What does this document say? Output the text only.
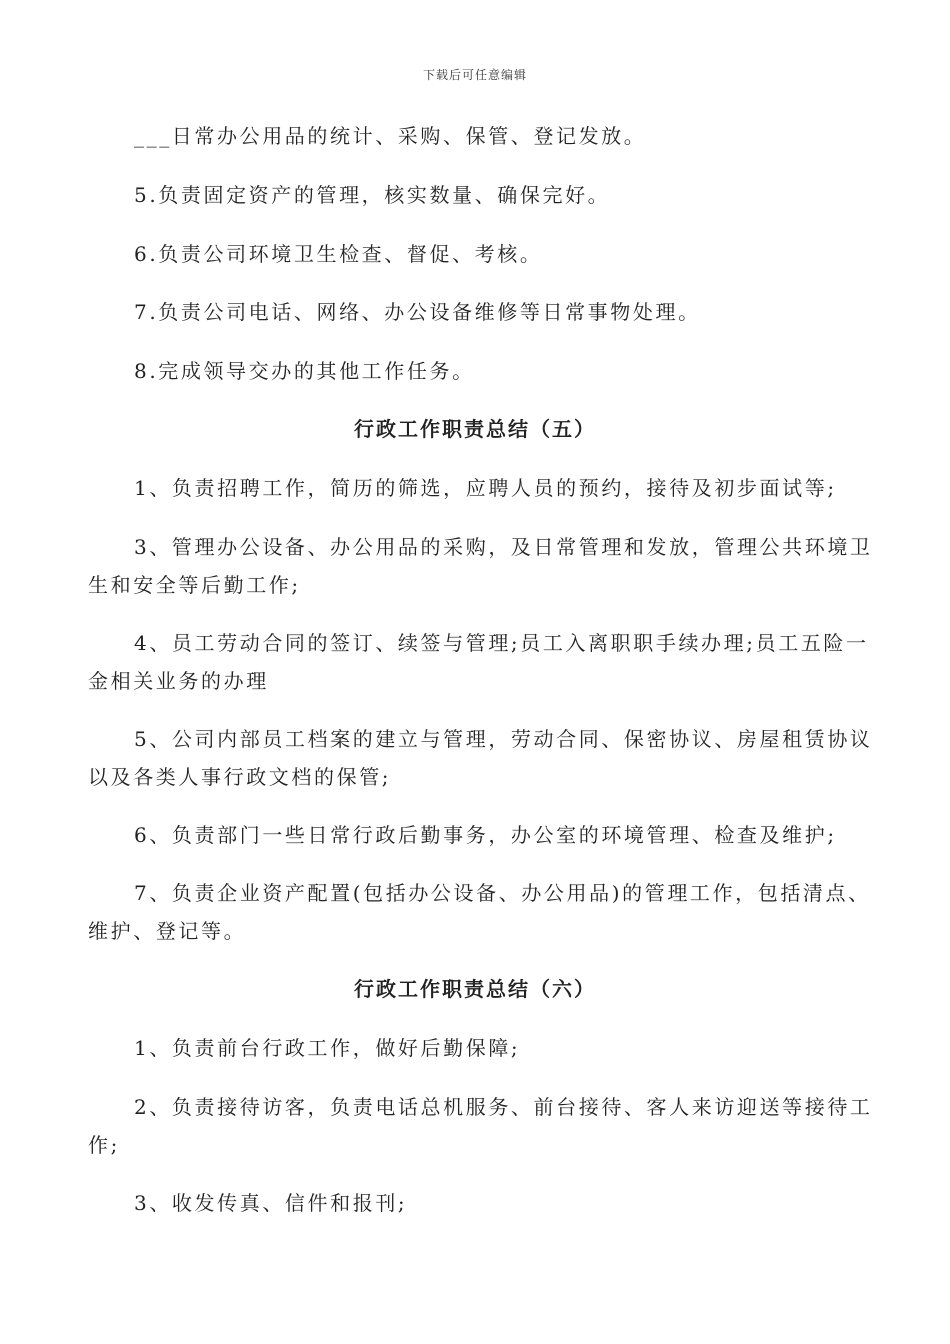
下载后可任意编辑
___日常办公用品的统计、采购、保管、登记发放。
5.负责固定资产的管理，核实数量、确保完好。
6.负责公司环境卫生检查、督促、考核。
7.负责公司电话、网络、办公设备维修等日常事物处理。
8.完成领导交办的其他工作任务。
行政工作职责总结（五）
1、负责招聘工作，简历的筛选，应聘人员的预约，接待及初步面试等;
3、管理办公设备、办公用品的采购，及日常管理和发放，管理公共环境卫
生和安全等后勤工作;
4、员工劳动合同的签订、续签与管理;员工入离职职手续办理;员工五险一
金相关业务的办理
5、公司内部员工档案的建立与管理，劳动合同、保密协议、房屋租赁协议
以及各类人事行政文档的保管;
6、负责部门一些日常行政后勤事务，办公室的环境管理、检查及维护;
7、负责企业资产配置(包括办公设备、办公用品)的管理工作，包括清点、
维护、登记等。
行政工作职责总结（六）
1、负责前台行政工作，做好后勤保障;
2、负责接待访客，负责电话总机服务、前台接待、客人来访迎送等接待工
作;
3、收发传真、信件和报刊;
